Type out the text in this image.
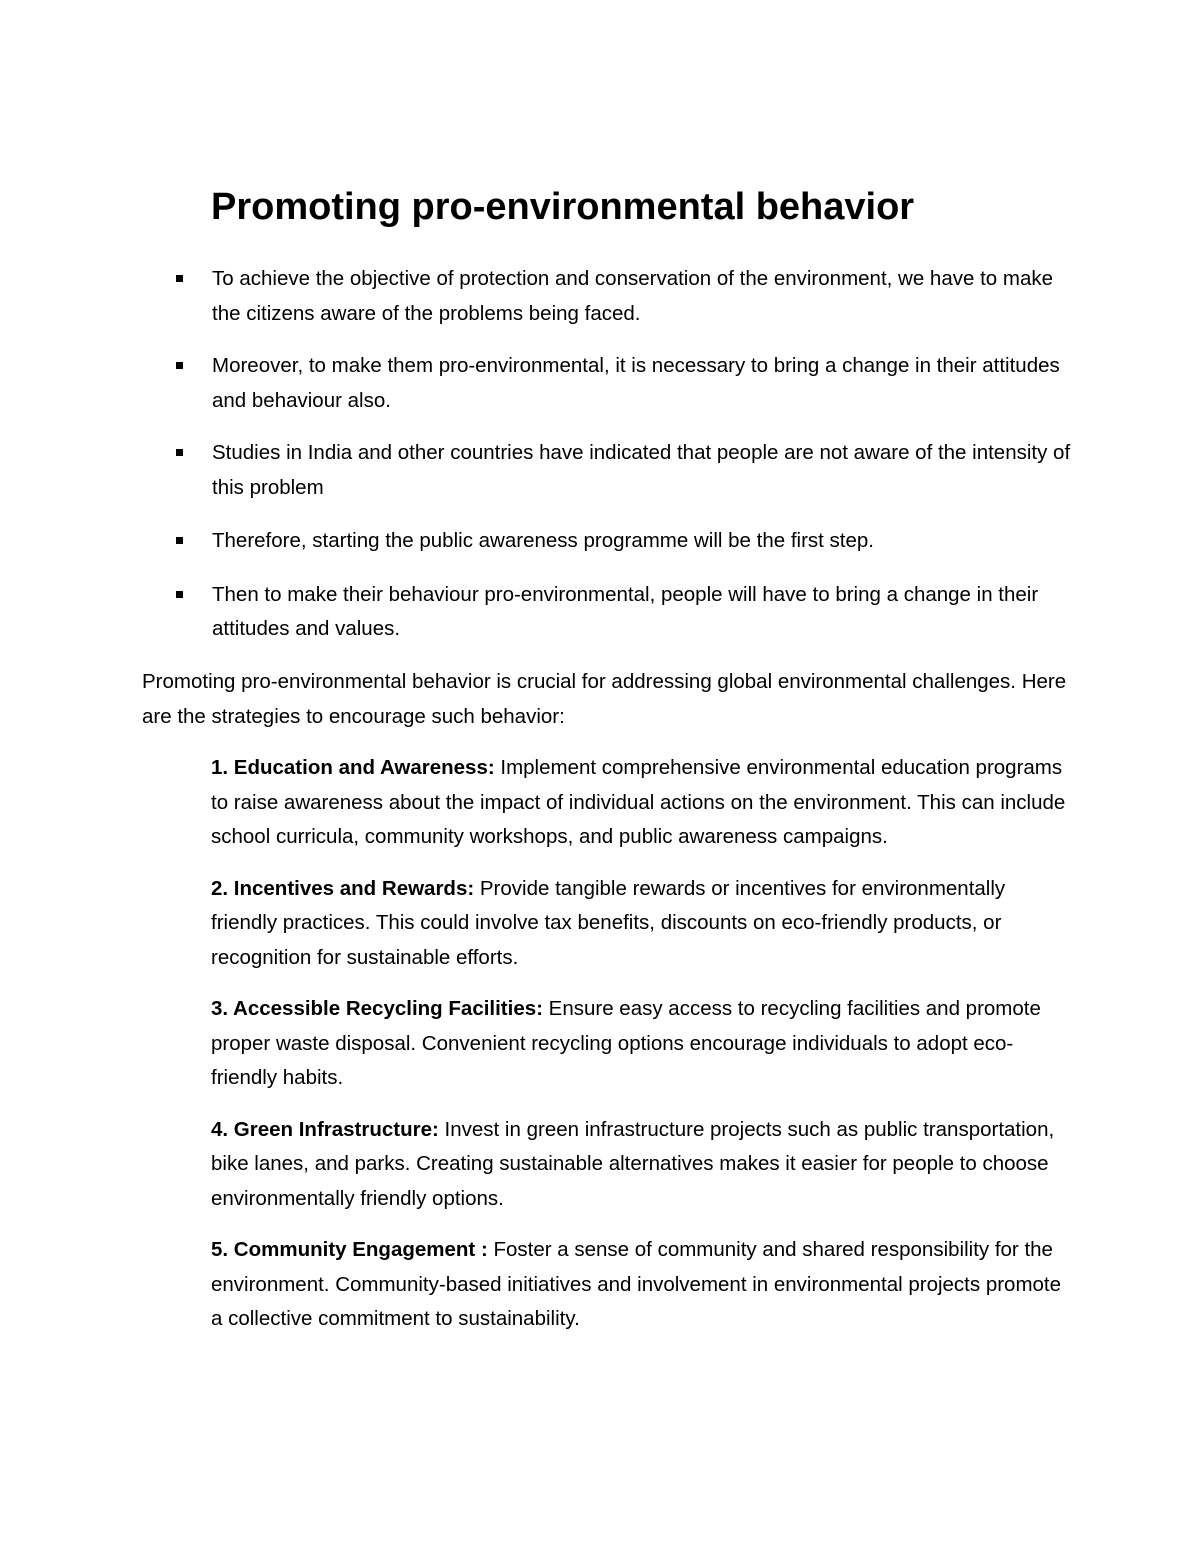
Promoting pro-environmental behavior
To achieve the objective of protection and conservation of the environment, we have to make the citizens aware of the problems being faced.
Moreover, to make them pro-environmental, it is necessary to bring a change in their attitudes and behaviour also.
Studies in India and other countries have indicated that people are not aware of the intensity of this problem
Therefore, starting the public awareness programme will be the first step.
Then to make their behaviour pro-environmental, people will have to bring a change in their attitudes and values.

Promoting pro-environmental behavior is crucial for addressing global environmental challenges. Here are the strategies to encourage such behavior:

1. Education and Awareness: Implement comprehensive environmental education programs to raise awareness about the impact of individual actions on the environment. This can include school curricula, community workshops, and public awareness campaigns.
2. Incentives and Rewards: Provide tangible rewards or incentives for environmentally friendly practices. This could involve tax benefits, discounts on eco-friendly products, or recognition for sustainable efforts.
3. Accessible Recycling Facilities: Ensure easy access to recycling facilities and promote proper waste disposal. Convenient recycling options encourage individuals to adopt eco-friendly habits.
4. Green Infrastructure: Invest in green infrastructure projects such as public transportation, bike lanes, and parks. Creating sustainable alternatives makes it easier for people to choose environmentally friendly options.
5. Community Engagement : Foster a sense of community and shared responsibility for the environment. Community-based initiatives and involvement in environmental projects promote a collective commitment to sustainability.
